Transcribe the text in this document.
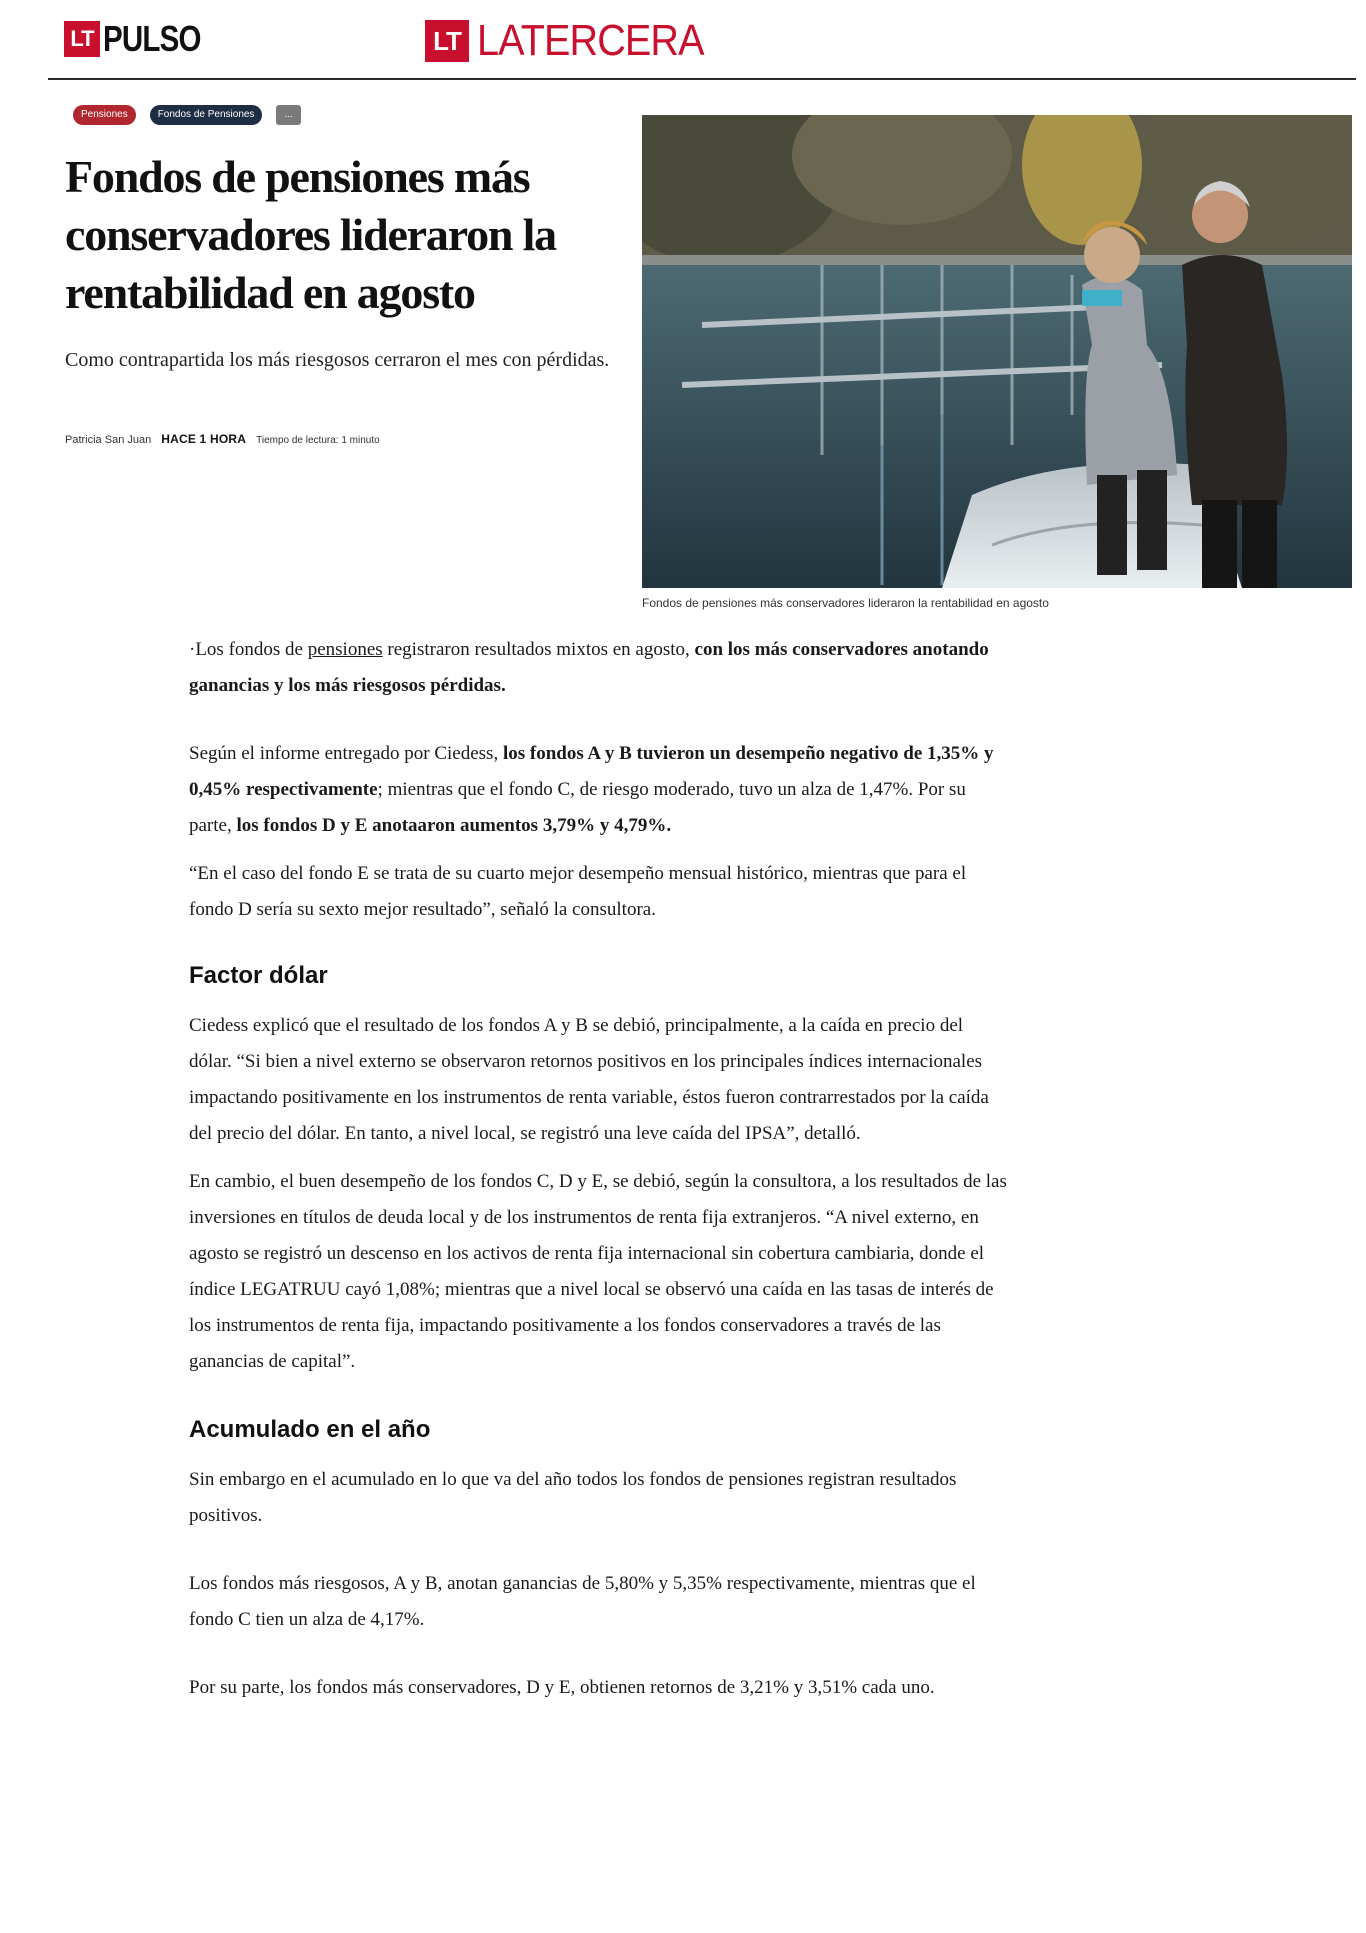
LT PULSO	LT LATERCERA
Pensiones	Fondos de Pensiones	...
Fondos de pensiones más conservadores lideraron la rentabilidad en agosto

Como contrapartida los más riesgosos cerraron el mes con pérdidas.

Patricia San Juan HACE 1 HORA Tiempo de lectura: 1 minuto
Fondos de pensiones más conservadores lideraron la rentabilidad en agosto

·Los fondos de pensiones registraron resultados mixtos en agosto, con los más conservadores anotando ganancias y los más riesgosos pérdidas.

Según el informe entregado por Ciedess, los fondos A y B tuvieron un desempeño negativo de 1,35% y 0,45% respectivamente; mientras que el fondo C, de riesgo moderado, tuvo un alza de 1,47%. Por su parte, los fondos D y E anotaaron aumentos 3,79% y 4,79%.

“En el caso del fondo E se trata de su cuarto mejor desempeño mensual histórico, mientras que para el fondo D sería su sexto mejor resultado”, señaló la consultora.

Factor dólar

Ciedess explicó que el resultado de los fondos A y B se debió, principalmente, a la caída en precio del dólar. “Si bien a nivel externo se observaron retornos positivos en los principales índices internacionales impactando positivamente en los instrumentos de renta variable, éstos fueron contrarrestados por la caída del precio del dólar. En tanto, a nivel local, se registró una leve caída del IPSA”, detalló.

En cambio, el buen desempeño de los fondos C, D y E, se debió, según la consultora, a los resultados de las inversiones en títulos de deuda local y de los instrumentos de renta fija extranjeros. “A nivel externo, en agosto se registró un descenso en los activos de renta fija internacional sin cobertura cambiaria, donde el índice LEGATRUU cayó 1,08%; mientras que a nivel local se observó una caída en las tasas de interés de los instrumentos de renta fija, impactando positivamente a los fondos conservadores a través de las ganancias de capital”.

Acumulado en el año

Sin embargo en el acumulado en lo que va del año todos los fondos de pensiones registran resultados positivos.

Los fondos más riesgosos, A y B, anotan ganancias de 5,80% y 5,35% respectivamente, mientras que el fondo C tien un alza de 4,17%.

Por su parte, los fondos más conservadores, D y E, obtienen retornos de 3,21% y 3,51% cada uno.
